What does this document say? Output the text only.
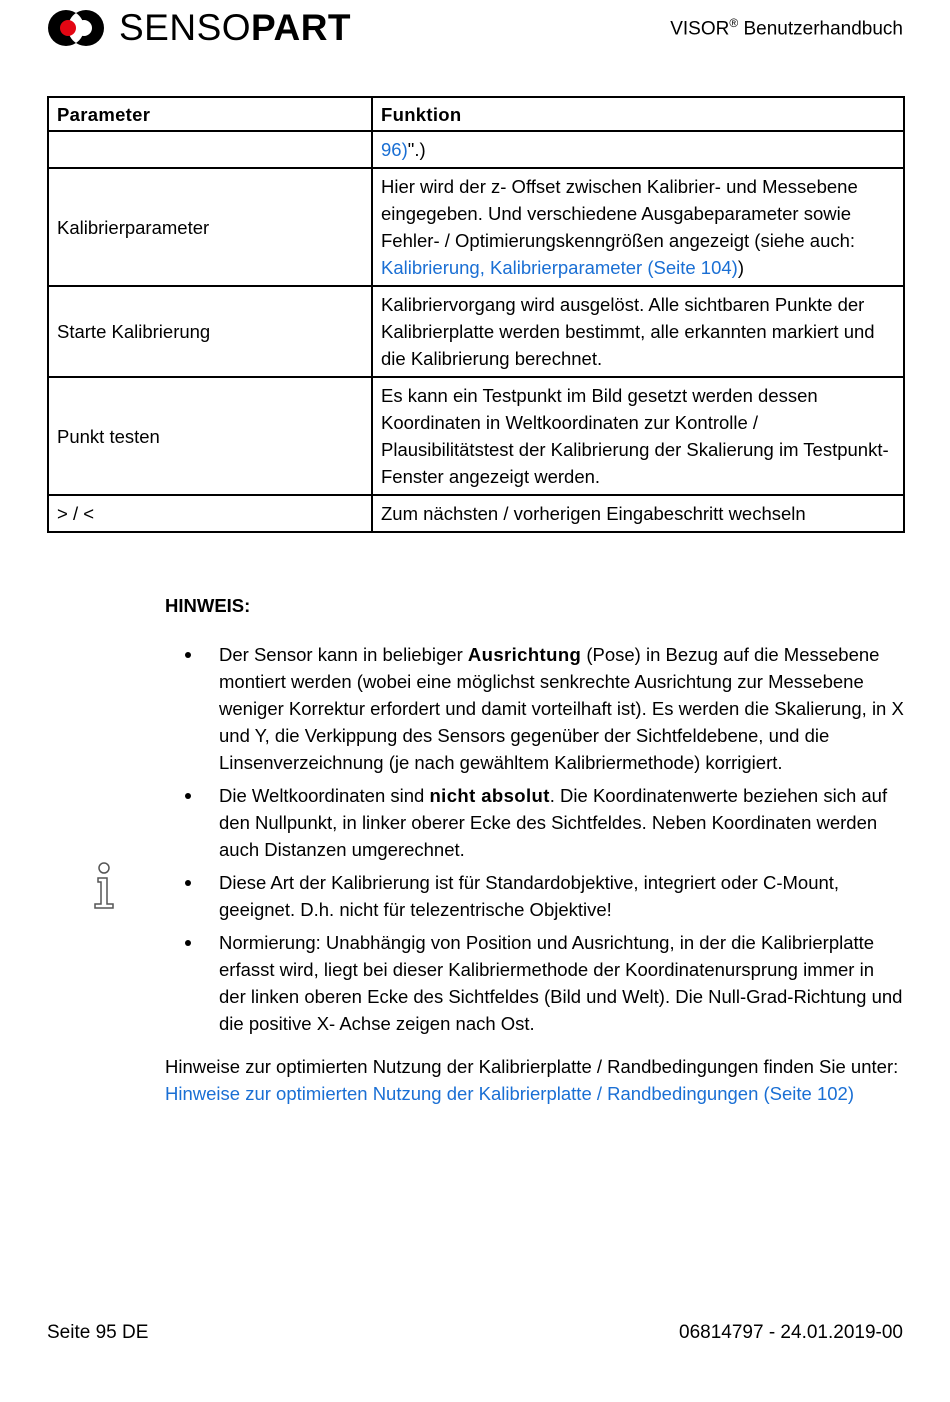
SENSOPART	VISOR® Benutzerhandbuch
Parameter	Funktion
	96)".)
Kalibrierparameter	Hier wird der z- Offset zwischen Kalibrier- und Messebene eingegeben. Und verschiedene Ausgabeparameter sowie Fehler- / Optimierungskenngrößen angezeigt (siehe auch: Kalibrierung, Kalibrierparameter (Seite 104))
Starte Kalibrierung	Kalibriervorgang wird ausgelöst. Alle sichtbaren Punkte der Kalibrierplatte werden bestimmt, alle erkannten markiert und die Kalibrierung berechnet.
Punkt testen	Es kann ein Testpunkt im Bild gesetzt werden dessen Koordinaten in Weltkoordinaten zur Kontrolle / Plausibilitätstest der Kalibrierung der Skalierung im Testpunkt- Fenster angezeigt werden.
> / <	Zum nächsten / vorherigen Eingabeschritt wechseln

HINWEIS:

Der Sensor kann in beliebiger Ausrichtung (Pose) in Bezug auf die Messebene montiert werden (wobei eine möglichst senkrechte Ausrichtung zur Messebene weniger Korrektur erfordert und damit vorteilhaft ist). Es werden die Skalierung, in X und Y, die Verkippung des Sensors gegenüber der Sichtfeldebene, und die Linsenverzeichnung (je nach gewähltem Kalibriermethode) korrigiert.
Die Weltkoordinaten sind nicht absolut. Die Koordinatenwerte beziehen sich auf den Nullpunkt, in linker oberer Ecke des Sichtfeldes. Neben Koordinaten werden auch Distanzen umgerechnet.
Diese Art der Kalibrierung ist für Standardobjektive, integriert oder C-Mount, geeignet. D.h. nicht für telezentrische Objektive!
Normierung: Unabhängig von Position und Ausrichtung, in der die Kalibrierplatte erfasst wird, liegt bei dieser Kalibriermethode der Koordinatenursprung immer in der linken oberen Ecke des Sichtfeldes (Bild und Welt). Die Null-Grad-Richtung und die positive X- Achse zeigen nach Ost.

Hinweise zur optimierten Nutzung der Kalibrierplatte / Randbedingungen finden Sie unter: Hinweise zur optimierten Nutzung der Kalibrierplatte / Randbedingungen (Seite 102)

Seite 95 DE	06814797 - 24.01.2019-00
